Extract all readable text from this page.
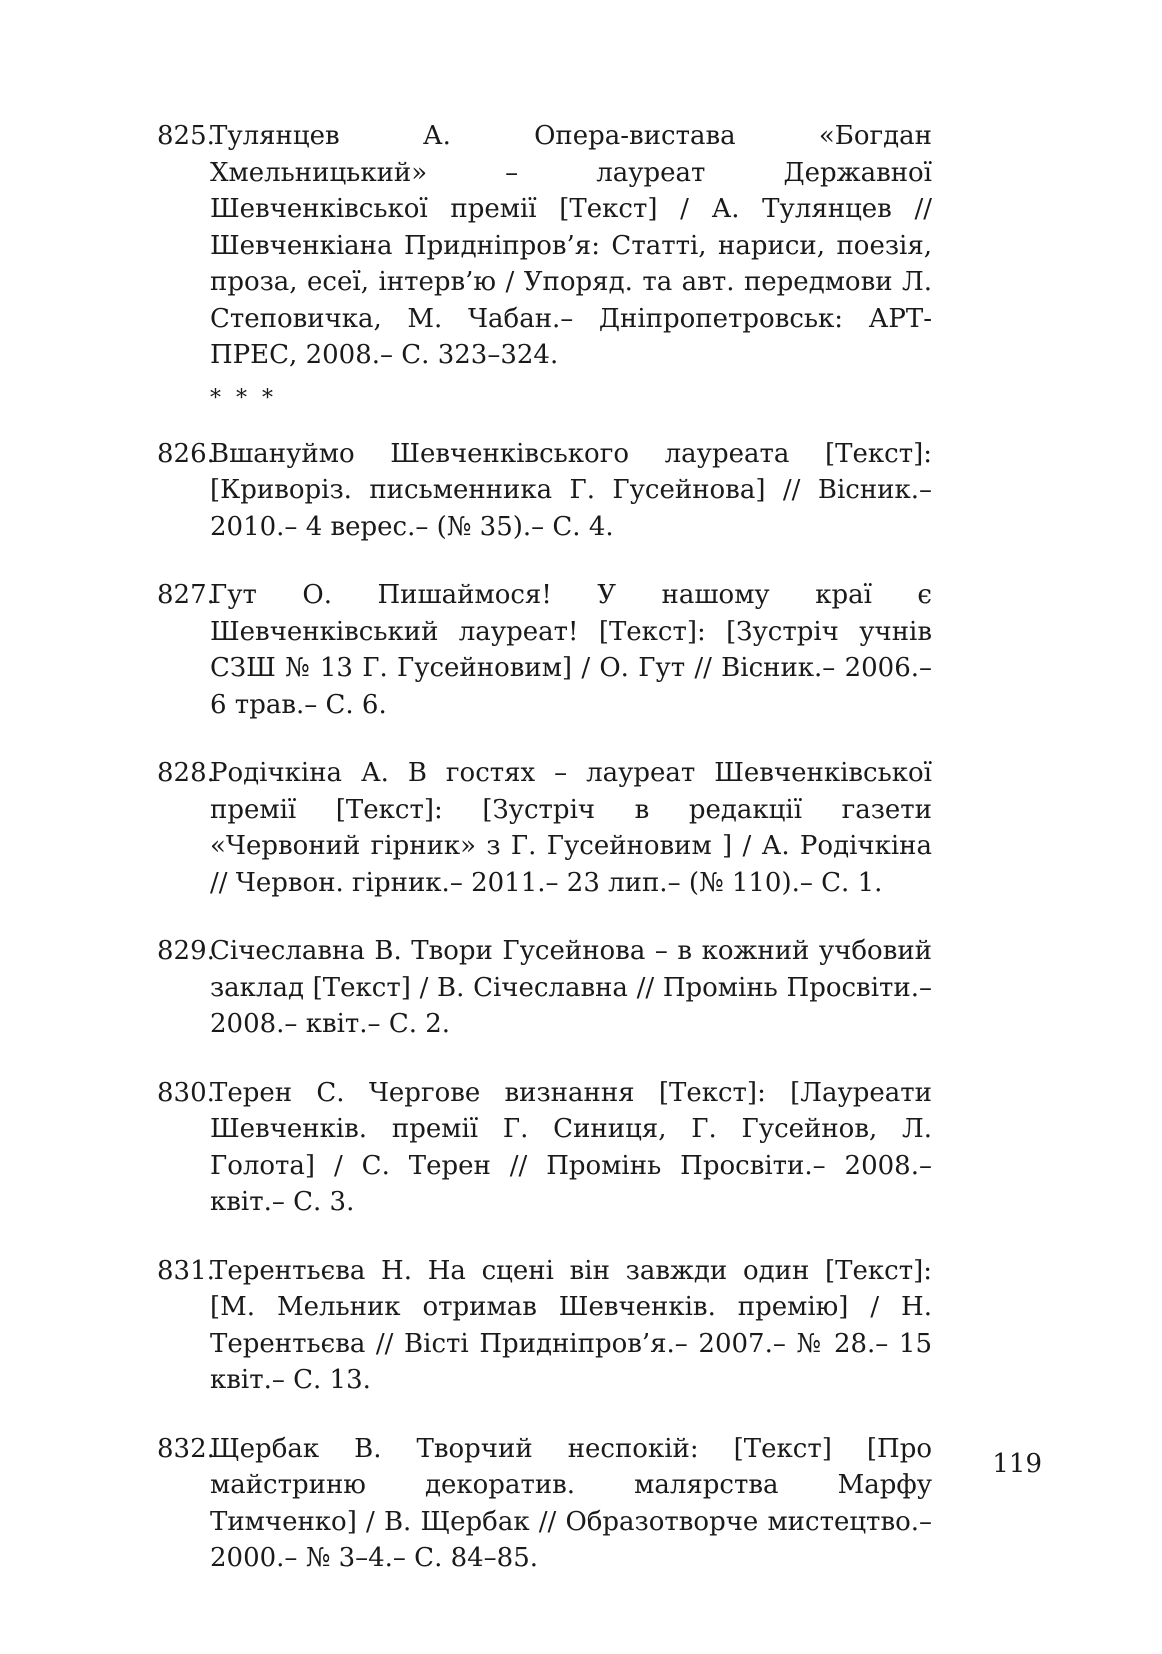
825.
Тулянцев А. Опера-вистава «Богдан Хмельницький» – лауреат Державної Шевченківської премії [Текст] / А. Тулянцев // Шевченкіана Придніпров’я: Статті, нариси, поезія, проза, есеї, інтерв’ю / Упоряд. та авт. передмови Л. Степовичка, М. Чабан.– Дніпропетровськ: АРТ-ПРЕС, 2008.– С. 323–324.
* * *
826.
Вшануймо Шевченківського лауреата [Текст]: [Криворіз. письменника Г. Гусейнова] // Вісник.– 2010.– 4 верес.– (№ 35).– С. 4.
827.
Гут О. Пишаймося! У нашому краї є Шевченківський лауреат! [Текст]: [Зустріч учнів СЗШ № 13 Г. Гусейновим] / О. Гут // Вісник.– 2006.– 6 трав.– С. 6.
828.
Родічкіна А. В гостях – лауреат Шевченківської премії [Текст]: [Зустріч в редакції газети «Червоний гірник» з Г. Гусейновим ] / А. Родічкіна // Червон. гірник.– 2011.– 23 лип.– (№ 110).– С. 1.
829.
Січеславна В. Твори Гусейнова – в кожний учбовий заклад [Текст] / В. Січеславна // Промінь Просвіти.– 2008.– квіт.– С. 2.
830.
Терен С. Чергове визнання [Текст]: [Лауреати Шевченків. премії Г. Синиця, Г. Гусейнов, Л. Голота] / С. Терен // Промінь Просвіти.– 2008.– квіт.– С. 3.
831.
Терентьєва Н. На сцені він завжди один [Текст]: [М. Мельник отримав Шевченків. премію] / Н. Терентьєва // Вісті Придніпров’я.– 2007.– № 28.– 15 квіт.– С. 13.
832.
Щербак В. Творчий неспокій: [Текст] [Про майстриню декоратив. малярства Марфу Тимченко] / В. Щербак // Образотворче мистецтво.– 2000.– № 3–4.– С. 84–85.
119
